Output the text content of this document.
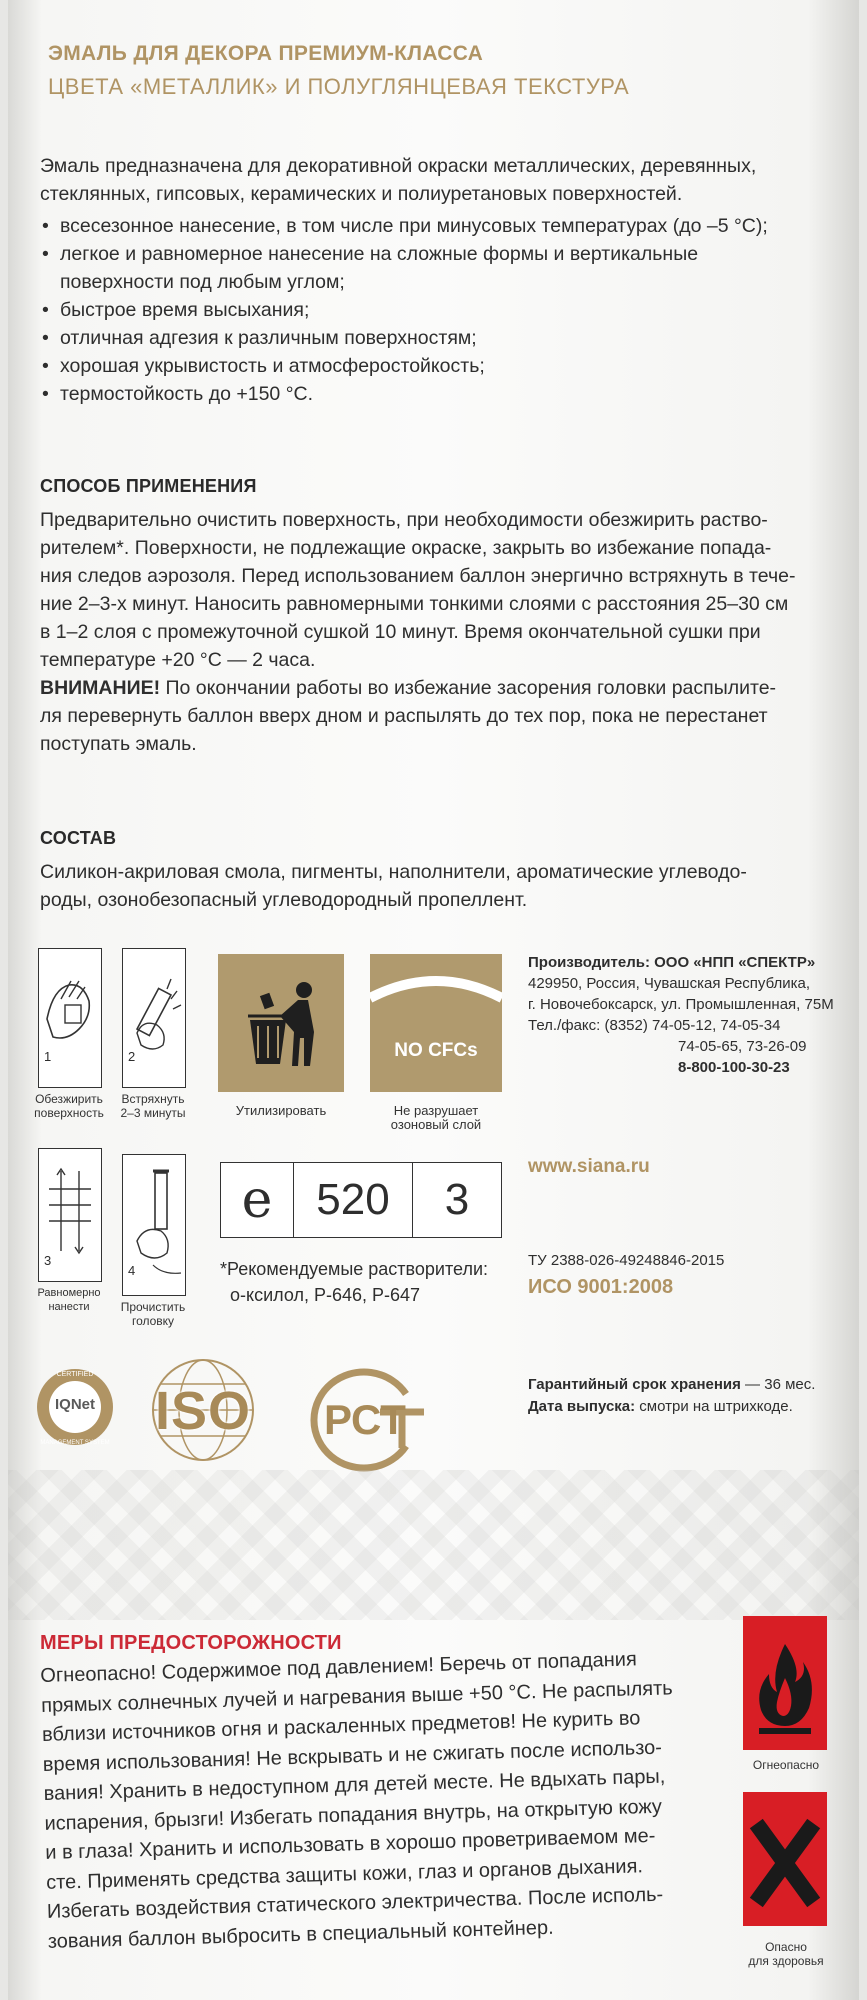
ЭМАЛЬ ДЛЯ ДЕКОРА ПРЕМИУМ-КЛАССА
ЦВЕТА «МЕТАЛЛИК» И ПОЛУГЛЯНЦЕВАЯ ТЕКСТУРА
Эмаль предназначена для декоративной окраски металлических, деревянных,
стеклянных, гипсовых, керамических и полиуретановых поверхностей.
• всесезонное нанесение, в том числе при минусовых температурах (до –5 °С);
• легкое и равномерное нанесение на сложные формы и вертикальные
поверхности под любым углом;
• быстрое время высыхания;
• отличная адгезия к различным поверхностям;
• хорошая укрывистость и атмосферостойкость;
• термостойкость до +150 °С.
СПОСОБ ПРИМЕНЕНИЯ
Предварительно очистить поверхность, при необходимости обезжирить раство-
рителем*. Поверхности, не подлежащие окраске, закрыть во избежание попада-
ния следов аэрозоля. Перед использованием баллон энергично встряхнуть в тече-
ние 2–3-х минут. Наносить равномерными тонкими слоями с расстояния 25–30 см
в 1–2 слоя с промежуточной сушкой 10 минут. Время окончательной сушки при
температуре +20 °С — 2 часа.
ВНИМАНИЕ! По окончании работы во избежание засорения головки распылите-
ля перевернуть баллон вверх дном и распылять до тех пор, пока не перестанет
поступать эмаль.
СОСТАВ
Силикон-акриловая смола, пигменты, наполнители, ароматические углеводо-
роды, озонобезопасный углеводородный пропеллент.
1
Обезжирить
поверхность
2
Встряхнуть
2–3 минуты	Утилизировать
NO CFCs
Не разрушает
озоновый слой
Производитель: ООО «НПП «СПЕКТР»
429950, Россия, Чувашская Республика,
г. Новочебоксарск, ул. Промышленная, 75М
Тел./факс: (8352) 74-05-12, 74-05-34
74-05-65, 73-26-09
8-800-100-30-23
3
Равномерно
нанести
4
Прочистить
головку
e 520	3
*Рекомендуемые растворители:
о-ксилол, Р-646, Р-647
www.siana.ru
ТУ 2388-026-49248846-2015
ИСО 9001:2008
CERTIFIED
MANAGEMENT SYSTEM
IQNet	ISO	РСТ
Гарантийный срок хранения — 36 мес.
Дата выпуска: смотри на штрихкоде.
МЕРЫ ПРЕДОСТОРОЖНОСТИ
Огнеопасно! Содержимое под давлением! Беречь от попадания
прямых солнечных лучей и нагревания выше +50 °С. Не распылять
вблизи источников огня и раскаленных предметов! Не курить во
время использования! Не вскрывать и не сжигать после использо-
вания! Хранить в недоступном для детей месте. Не вдыхать пары,
испарения, брызги! Избегать попадания внутрь, на открытую кожу
и в глаза! Хранить и использовать в хорошо проветриваемом ме-
сте. Применять средства защиты кожи, глаз и органов дыхания.
Избегать воздействия статического электричества. После исполь-
зования баллон выбросить в специальный контейнер.
Огнеопасно
Опасно
для здоровья
